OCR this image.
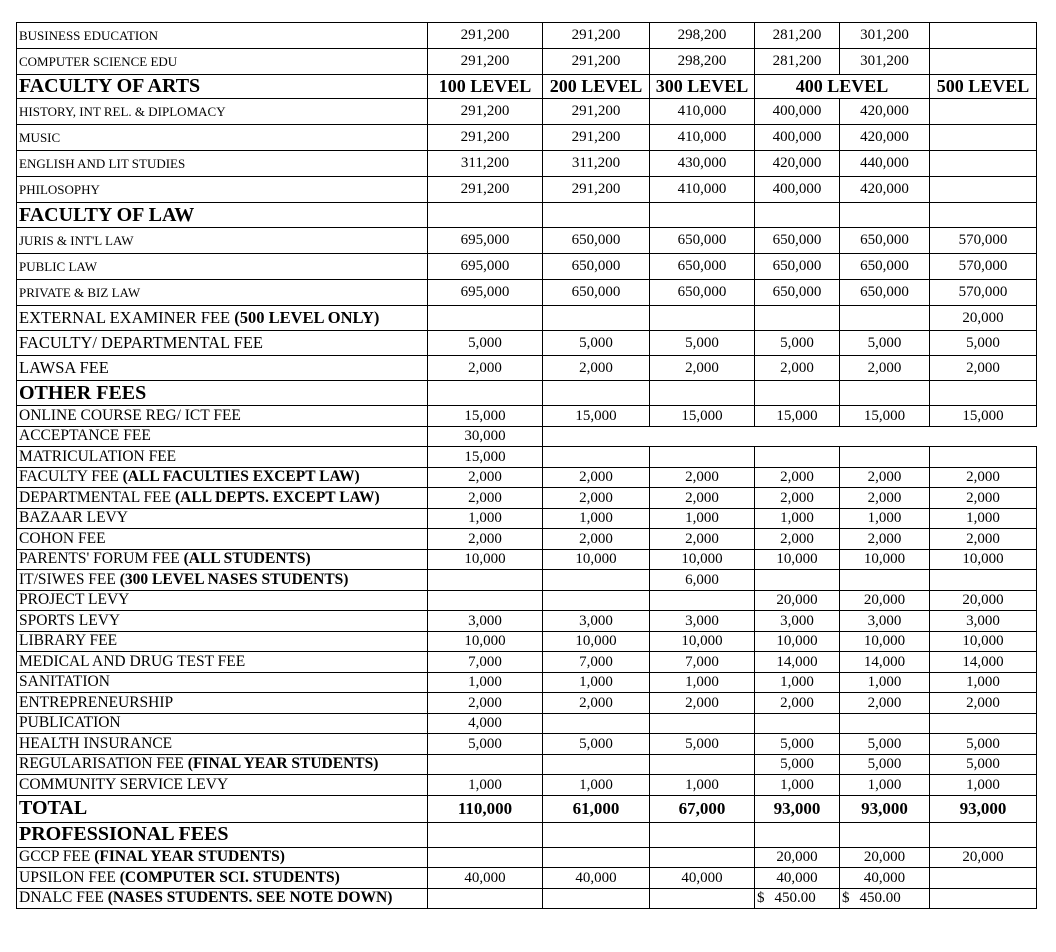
BUSINESS EDUCATION	291,200	291,200	298,200	281,200	301,200	
COMPUTER SCIENCE EDU	291,200	291,200	298,200	281,200	301,200	
FACULTY OF ARTS	100 LEVEL	200 LEVEL	300 LEVEL	400 LEVEL		500 LEVEL
HISTORY, INT REL. & DIPLOMACY	291,200	291,200	410,000	400,000	420,000	
MUSIC	291,200	291,200	410,000	400,000	420,000	
ENGLISH AND LIT STUDIES	311,200	311,200	430,000	420,000	440,000	
PHILOSOPHY	291,200	291,200	410,000	400,000	420,000	
FACULTY OF LAW						
JURIS & INT'L LAW	695,000	650,000	650,000	650,000	650,000	570,000
PUBLIC LAW	695,000	650,000	650,000	650,000	650,000	570,000
PRIVATE & BIZ LAW	695,000	650,000	650,000	650,000	650,000	570,000
EXTERNAL EXAMINER FEE (500 LEVEL ONLY)						20,000
FACULTY/ DEPARTMENTAL FEE	5,000	5,000	5,000	5,000	5,000	5,000
LAWSA FEE	2,000	2,000	2,000	2,000	2,000	2,000
OTHER FEES						
ONLINE COURSE REG/ ICT FEE	15,000	15,000	15,000	15,000	15,000	15,000
ACCEPTANCE FEE	30,000					
MATRICULATION FEE	15,000					
FACULTY FEE (ALL FACULTIES EXCEPT LAW)	2,000	2,000	2,000	2,000	2,000	2,000
DEPARTMENTAL FEE (ALL DEPTS. EXCEPT LAW)	2,000	2,000	2,000	2,000	2,000	2,000
BAZAAR LEVY	1,000	1,000	1,000	1,000	1,000	1,000
COHON FEE	2,000	2,000	2,000	2,000	2,000	2,000
PARENTS' FORUM FEE (ALL STUDENTS)	10,000	10,000	10,000	10,000	10,000	10,000
IT/SIWES FEE (300 LEVEL NASES STUDENTS)			6,000			
PROJECT LEVY				20,000	20,000	20,000
SPORTS LEVY	3,000	3,000	3,000	3,000	3,000	3,000
LIBRARY FEE	10,000	10,000	10,000	10,000	10,000	10,000
MEDICAL AND DRUG TEST FEE	7,000	7,000	7,000	14,000	14,000	14,000
SANITATION	1,000	1,000	1,000	1,000	1,000	1,000
ENTREPRENEURSHIP	2,000	2,000	2,000	2,000	2,000	2,000
PUBLICATION	4,000					
HEALTH INSURANCE	5,000	5,000	5,000	5,000	5,000	5,000
REGULARISATION FEE (FINAL YEAR STUDENTS)				5,000	5,000	5,000
COMMUNITY SERVICE LEVY	1,000	1,000	1,000	1,000	1,000	1,000
TOTAL	110,000	61,000	67,000	93,000	93,000	93,000
PROFESSIONAL FEES						
GCCP FEE (FINAL YEAR STUDENTS)				20,000	20,000	20,000
UPSILON FEE (COMPUTER SCI. STUDENTS)	40,000	40,000	40,000	40,000	40,000	
DNALC FEE (NASES STUDENTS. SEE NOTE DOWN)				$ 450.00	$ 450.00	
